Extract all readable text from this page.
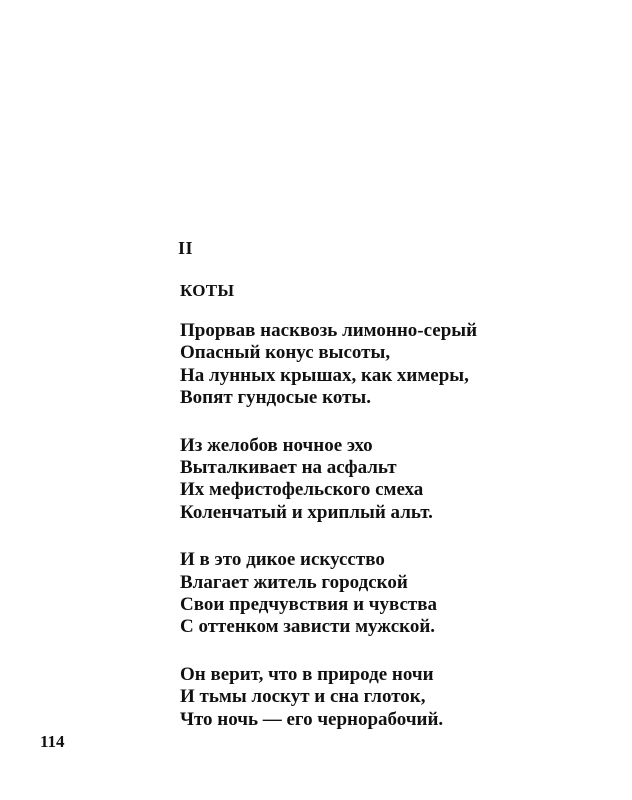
II
КОТЫ
Прорвав насквозь лимонно-серый
Опасный конус высоты,
На лунных крышах, как химеры,
Вопят гундосые коты.
Из желобов ночное эхо
Выталкивает на асфальт
Их мефистофельского смеха
Коленчатый и хриплый альт.
И в это дикое искусство
Влагает житель городской
Свои предчувствия и чувства
С оттенком зависти мужской.
Он верит, что в природе ночи
И тьмы лоскут и сна глоток,
Что ночь — его чернорабочий.
114
